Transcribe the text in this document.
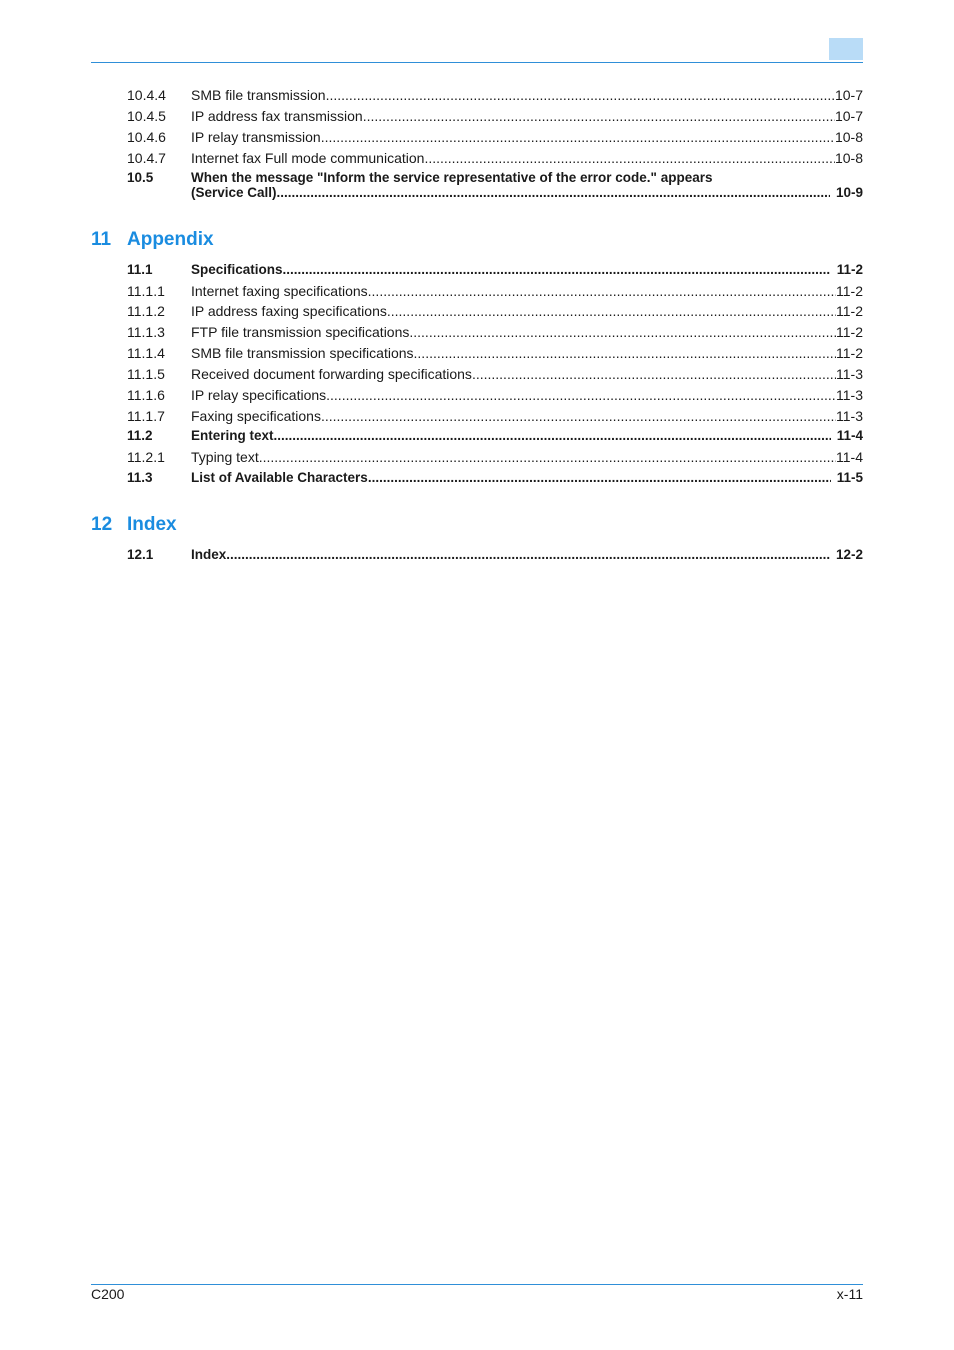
10.4.4 SMB file transmission .....	10-7
10.4.5 IP address fax transmission .....	10-7
10.4.6 IP relay transmission .....	10-8
10.4.7 Internet fax Full mode communication .....	10-8
10.5	When the message "Inform the service representative of the error code." appears
(Service Call) .....	10-9
11 Appendix
11.1	Specifications .....	11-2
11.1.1 Internet faxing specifications .....	11-2
11.1.2 IP address faxing specifications .....	11-2
11.1.3 FTP file transmission specifications .....	11-2
11.1.4 SMB file transmission specifications .....	11-2
11.1.5 Received document forwarding specifications .....	11-3
11.1.6 IP relay specifications .....	11-3
11.1.7 Faxing specifications .....	11-3
11.2	Entering text .....	11-4
11.2.1 Typing text .....	11-4
11.3	List of Available Characters .....	11-5
12 Index
12.1	Index .....	12-2
C200	x-11
